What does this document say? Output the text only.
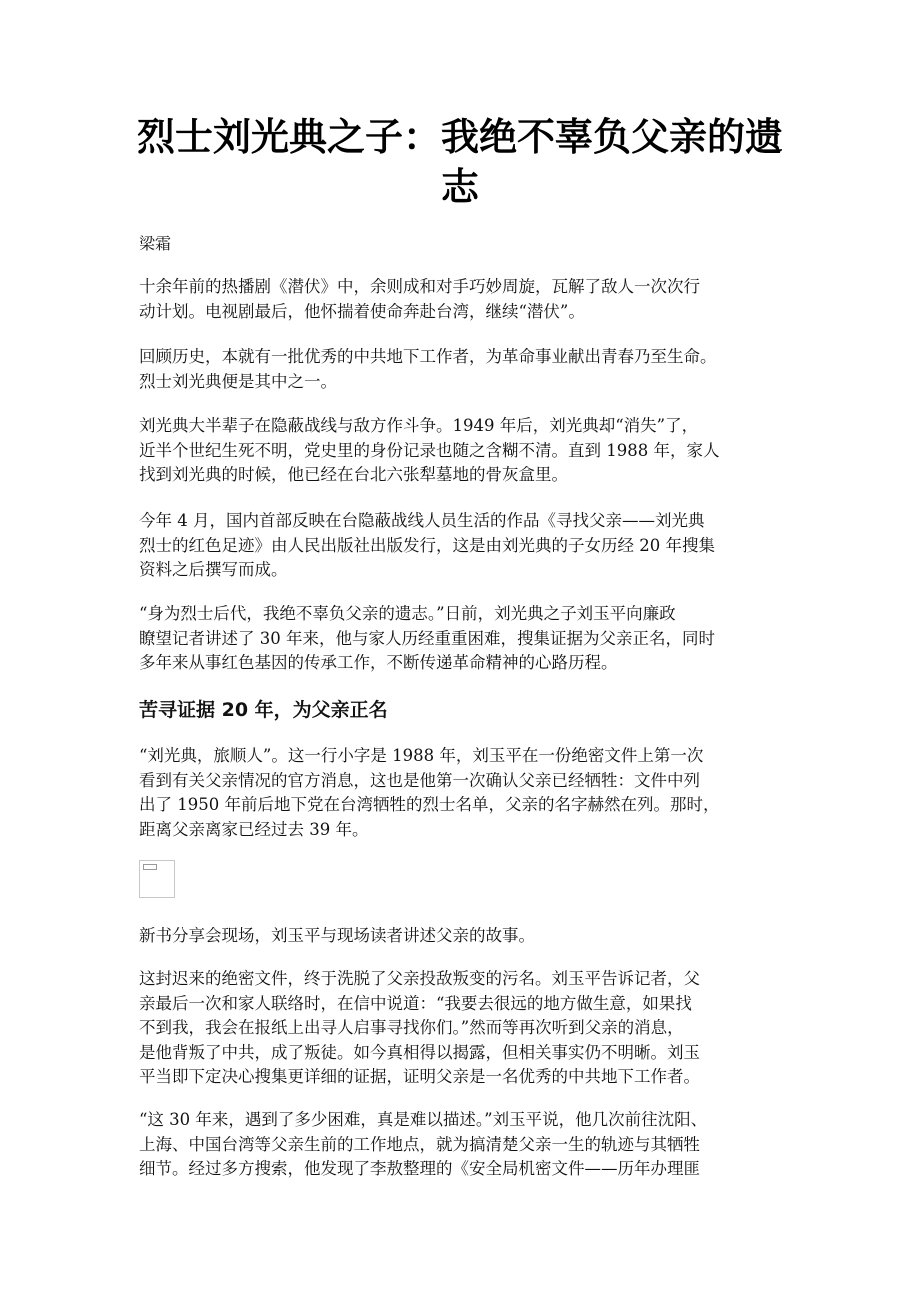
烈士刘光典之子：我绝不辜负父亲的遗志
梁霜
十余年前的热播剧《潜伏》中，余则成和对手巧妙周旋，瓦解了敌人一次次行
动计划。电视剧最后，他怀揣着使命奔赴台湾，继续“潜伏”。
回顾历史，本就有一批优秀的中共地下工作者，为革命事业献出青春乃至生命。
烈士刘光典便是其中之一。
刘光典大半辈子在隐蔽战线与敌方作斗争。1949 年后，刘光典却“消失”了，
近半个世纪生死不明，党史里的身份记录也随之含糊不清。直到 1988 年，家人
找到刘光典的时候，他已经在台北六张犁墓地的骨灰盒里。
今年 4 月，国内首部反映在台隐蔽战线人员生活的作品《寻找父亲——刘光典
烈士的红色足迹》由人民出版社出版发行，这是由刘光典的子女历经 20 年搜集
资料之后撰写而成。
“身为烈士后代，我绝不辜负父亲的遗志。”日前，刘光典之子刘玉平向廉政
瞭望记者讲述了 30 年来，他与家人历经重重困难，搜集证据为父亲正名，同时
多年来从事红色基因的传承工作，不断传递革命精神的心路历程。
苦寻证据 20 年，为父亲正名
“刘光典，旅顺人”。这一行小字是 1988 年，刘玉平在一份绝密文件上第一次
看到有关父亲情况的官方消息，这也是他第一次确认父亲已经牺牲：文件中列
出了 1950 年前后地下党在台湾牺牲的烈士名单，父亲的名字赫然在列。那时，
距离父亲离家已经过去 39 年。
新书分享会现场，刘玉平与现场读者讲述父亲的故事。
这封迟来的绝密文件，终于洗脱了父亲投敌叛变的污名。刘玉平告诉记者，父
亲最后一次和家人联络时，在信中说道：“我要去很远的地方做生意，如果找
不到我，我会在报纸上出寻人启事寻找你们。”然而等再次听到父亲的消息，
是他背叛了中共，成了叛徒。如今真相得以揭露，但相关事实仍不明晰。刘玉
平当即下定决心搜集更详细的证据，证明父亲是一名优秀的中共地下工作者。
“这 30 年来，遇到了多少困难，真是难以描述。”刘玉平说，他几次前往沈阳、
上海、中国台湾等父亲生前的工作地点，就为搞清楚父亲一生的轨迹与其牺牲
细节。经过多方搜索，他发现了李敖整理的《安全局机密文件——历年办理匪
